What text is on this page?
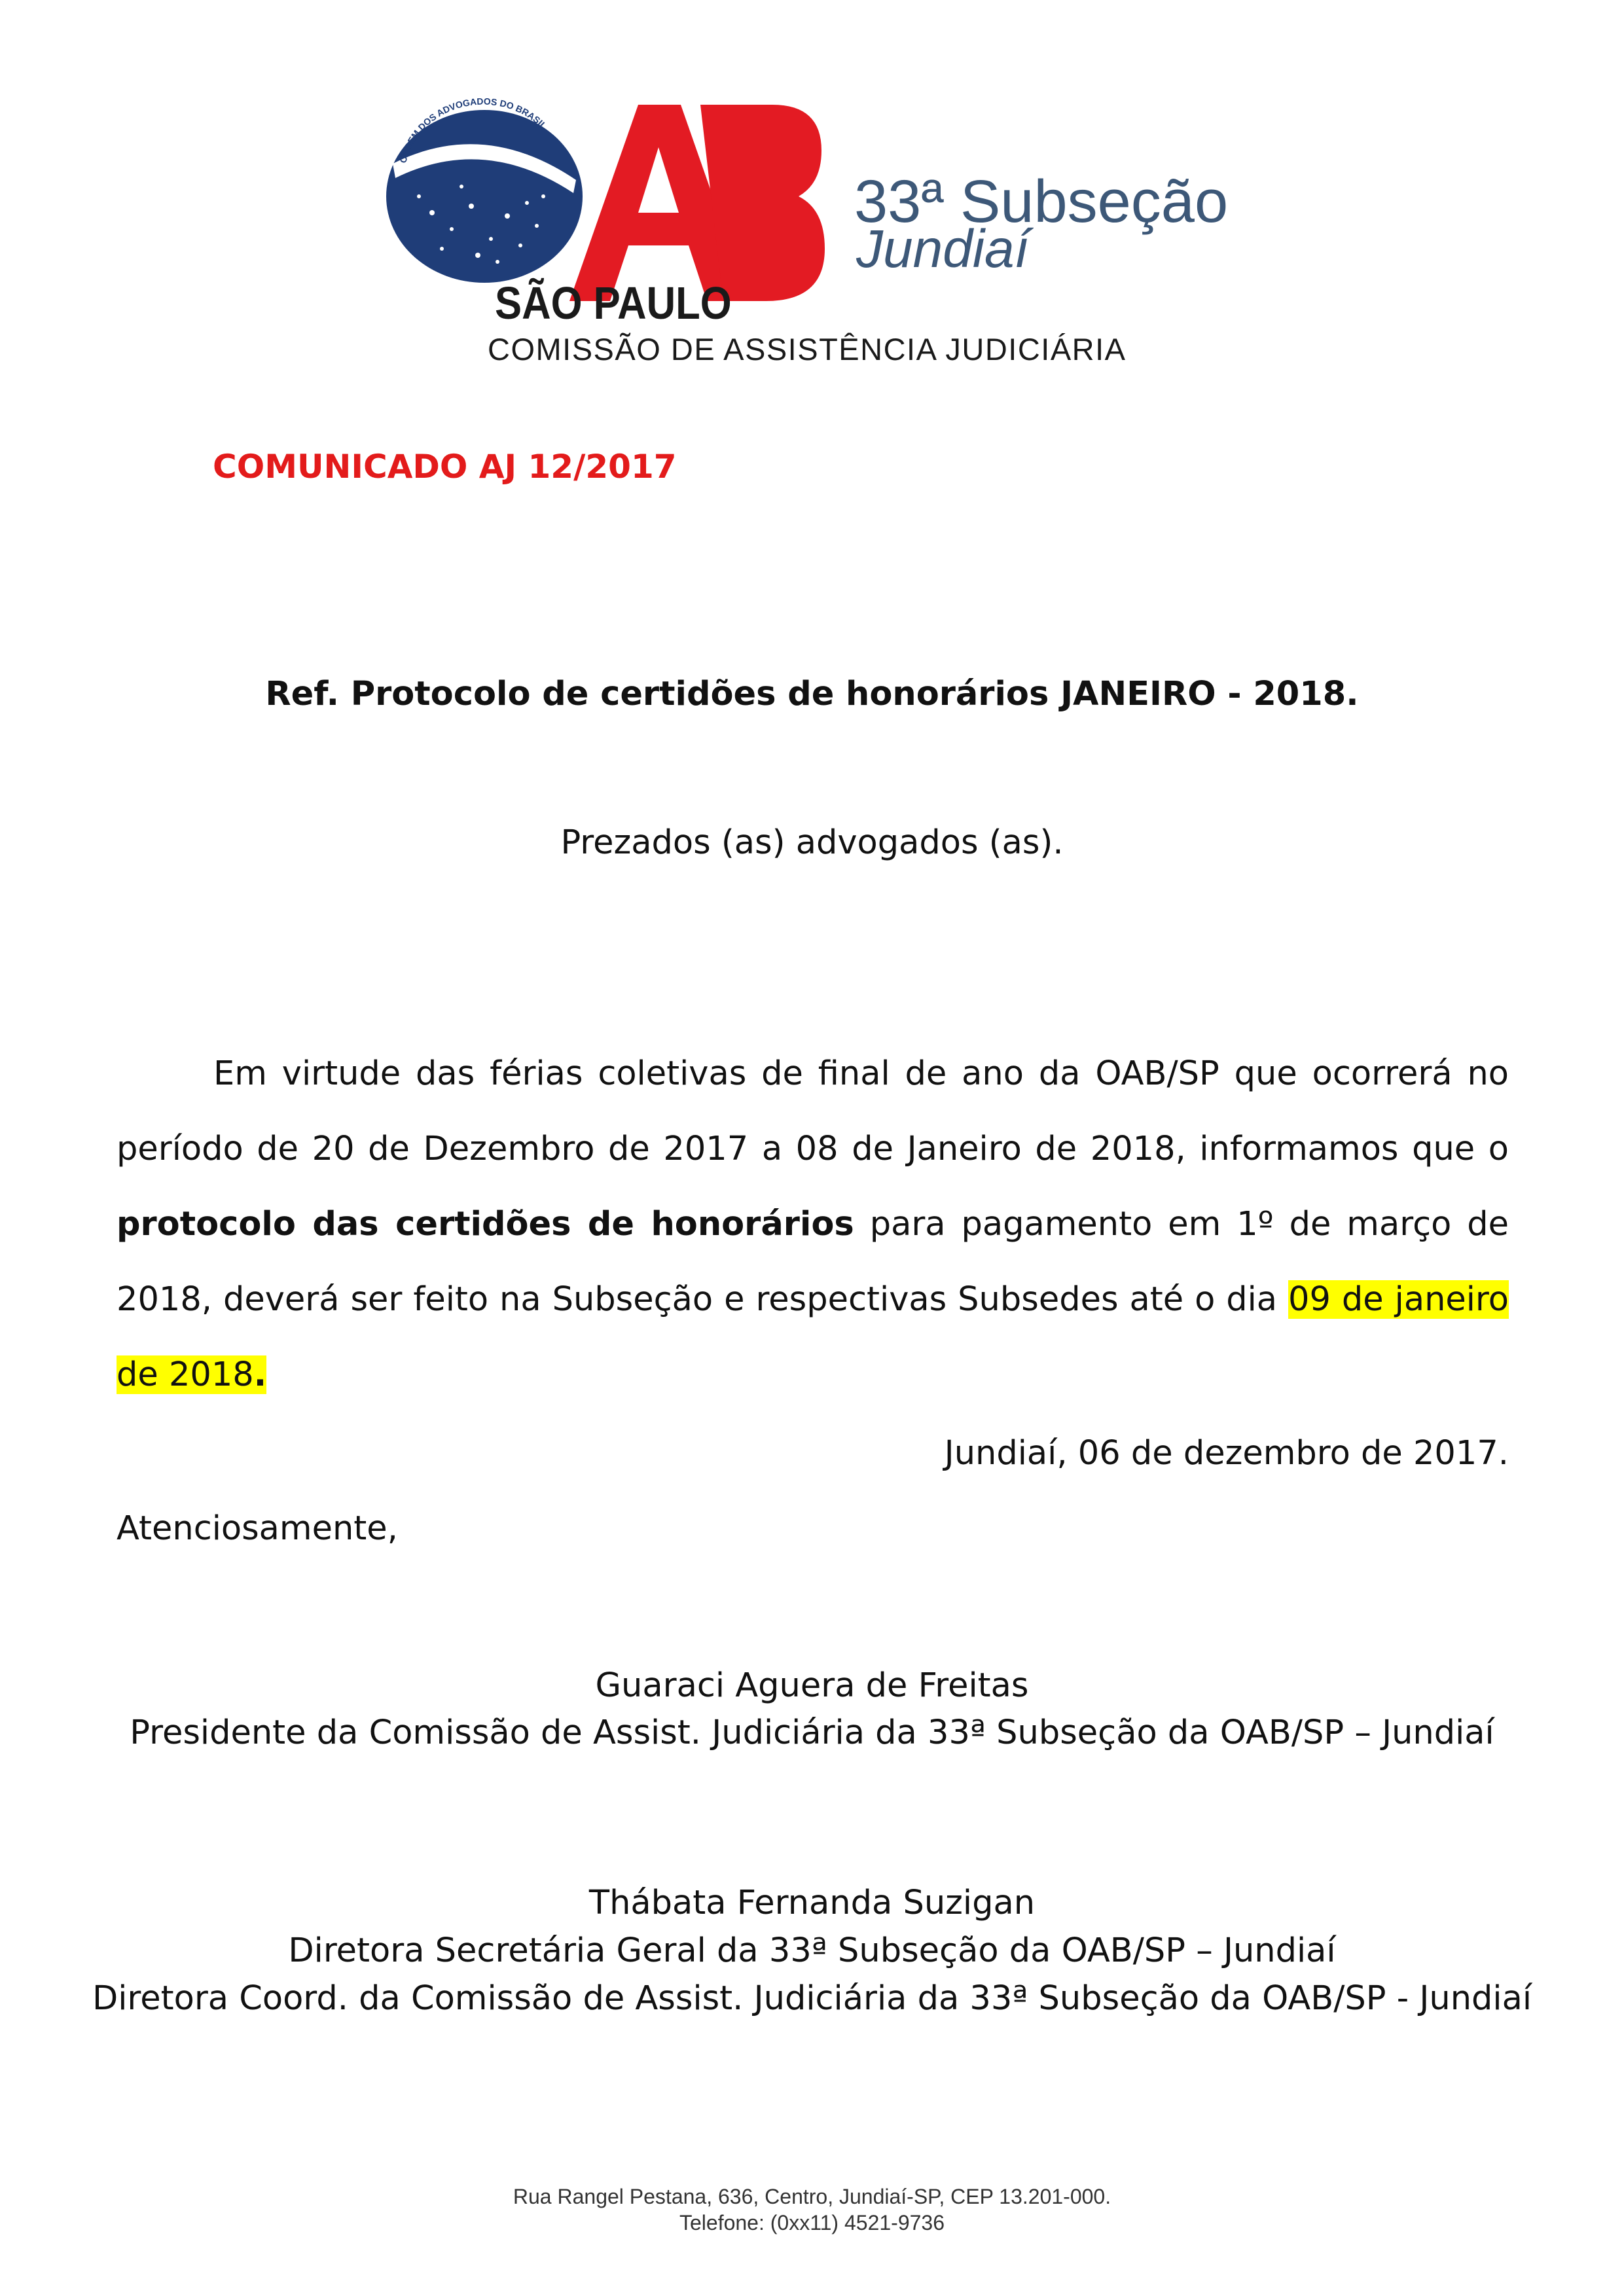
ORDEM DOS ADVOGADOS DO BRASIL
33ª Subseção
Jundiaí
SÃO PAULO
COMISSÃO DE ASSISTÊNCIA JUDICIÁRIA
COMUNICADO AJ 12/2017
Ref. Protocolo de certidões de honorários JANEIRO - 2018.
Prezados (as) advogados (as).
Em virtude das férias coletivas de final de ano da OAB/SP que ocorrerá no período de 20 de Dezembro de 2017 a 08 de Janeiro de 2018, informamos que o protocolo das certidões de honorários para pagamento em 1º de março de 2018, deverá ser feito na Subseção e respectivas Subsedes até o dia 09 de janeiro de 2018.
Jundiaí, 06 de dezembro de 2017.
Atenciosamente,
Guaraci Aguera de Freitas
Presidente da Comissão de Assist. Judiciária da 33ª Subseção da OAB/SP – Jundiaí
Thábata Fernanda Suzigan
Diretora Secretária Geral da 33ª Subseção da OAB/SP – Jundiaí
Diretora Coord. da Comissão de Assist. Judiciária da 33ª Subseção da OAB/SP - Jundiaí
Rua Rangel Pestana, 636, Centro, Jundiaí-SP, CEP 13.201-000.
Telefone: (0xx11) 4521-9736
